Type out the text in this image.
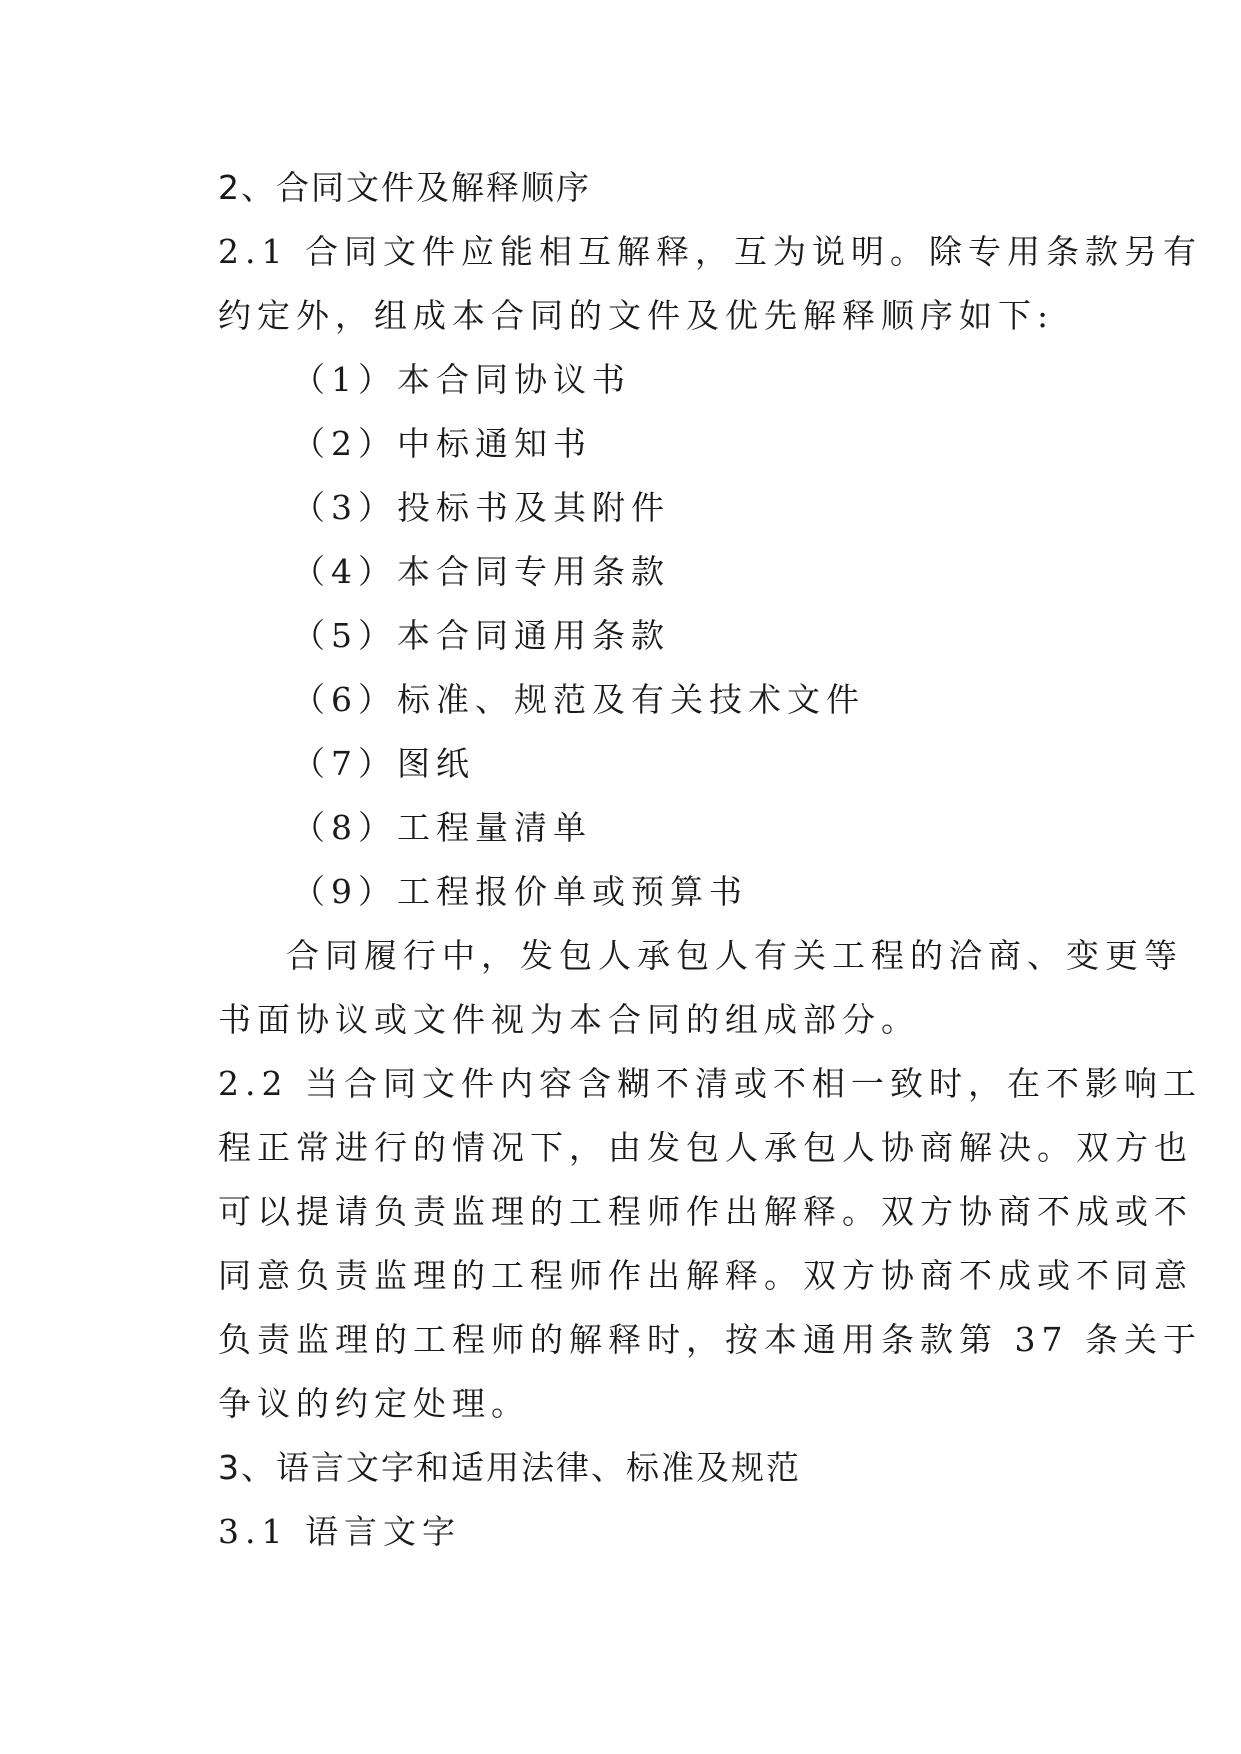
2、合同文件及解释顺序
2.1 合同文件应能相互解释，互为说明。除专用条款另有
约定外，组成本合同的文件及优先解释顺序如下:
（1）本合同协议书
（2）中标通知书
（3）投标书及其附件
（4）本合同专用条款
（5）本合同通用条款
（6）标准、规范及有关技术文件
（7）图纸
（8）工程量清单
（9）工程报价单或预算书
合同履行中，发包人承包人有关工程的洽商、变更等
书面协议或文件视为本合同的组成部分。
2.2 当合同文件内容含糊不清或不相一致时，在不影响工
程正常进行的情况下，由发包人承包人协商解决。双方也
可以提请负责监理的工程师作出解释。双方协商不成或不
同意负责监理的工程师作出解释。双方协商不成或不同意
负责监理的工程师的解释时，按本通用条款第 37 条关于
争议的约定处理。
3、语言文字和适用法律、标准及规范
3.1 语言文字
